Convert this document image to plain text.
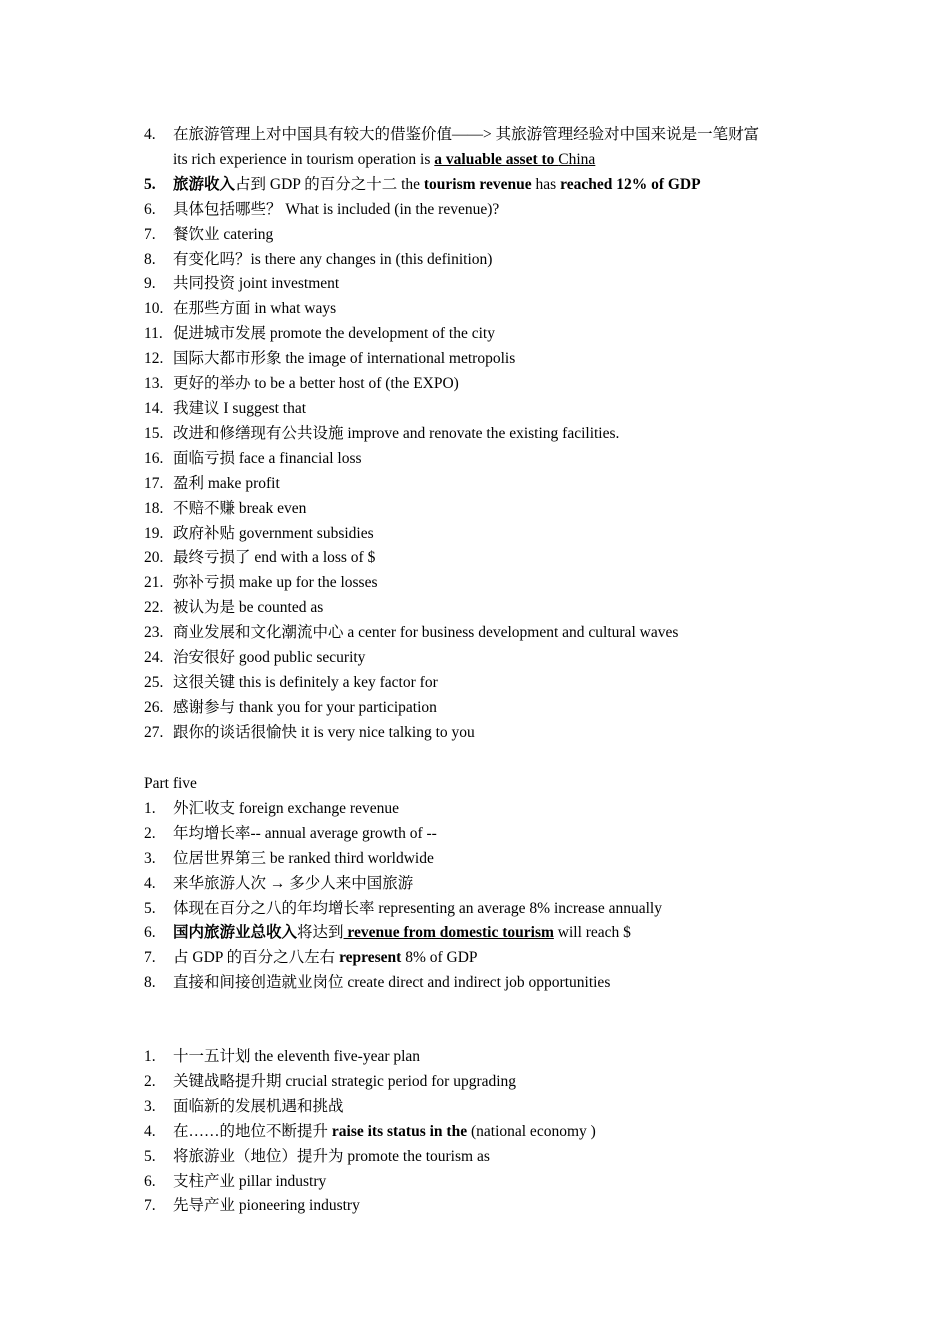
4. 在旅游管理上对中国具有较大的借鉴价值——> 其旅游管理经验对中国来说是一笔财富
its rich experience in tourism operation is a valuable asset to China
5. 旅游收入占到 GDP 的百分之十二 the tourism revenue has reached 12% of GDP
6. 具体包括哪些？ What is included (in the revenue)?
7. 餐饮业 catering
8. 有变化吗？is there any changes in (this definition)
9. 共同投资 joint investment
10. 在那些方面 in what ways
11. 促进城市发展 promote the development of the city
12. 国际大都市形象 the image of international metropolis
13. 更好的举办 to be a better host of (the EXPO)
14. 我建议 I suggest that
15. 改进和修缮现有公共设施 improve and renovate the existing facilities.
16. 面临亏损 face a financial loss
17. 盈利 make profit
18. 不赔不赚 break even
19. 政府补贴 government subsidies
20. 最终亏损了 end with a loss of $
21. 弥补亏损 make up for the losses
22. 被认为是 be counted as
23. 商业发展和文化潮流中心 a center for business development and cultural waves
24. 治安很好 good public security
25. 这很关键 this is definitely a key factor for
26. 感谢参与 thank you for your participation
27. 跟你的谈话很愉快 it is very nice talking to you
Part five
1. 外汇收支 foreign exchange revenue
2. 年均增长率-- annual average growth of --
3. 位居世界第三 be ranked third worldwide
4. 来华旅游人次 → 多少人来中国旅游
5. 体现在百分之八的年均增长率 representing an average 8% increase annually
6. 国内旅游业总收入将达到 revenue from domestic tourism will reach $
7. 占 GDP 的百分之八左右 represent 8% of GDP
8. 直接和间接创造就业岗位 create direct and indirect job opportunities
1. 十一五计划 the eleventh five-year plan
2. 关键战略提升期 crucial strategic period for upgrading
3. 面临新的发展机遇和挑战
4. 在……的地位不断提升 raise its status in the (national economy )
5. 将旅游业（地位）提升为 promote the tourism as
6. 支柱产业 pillar industry
7. 先导产业 pioneering industry
